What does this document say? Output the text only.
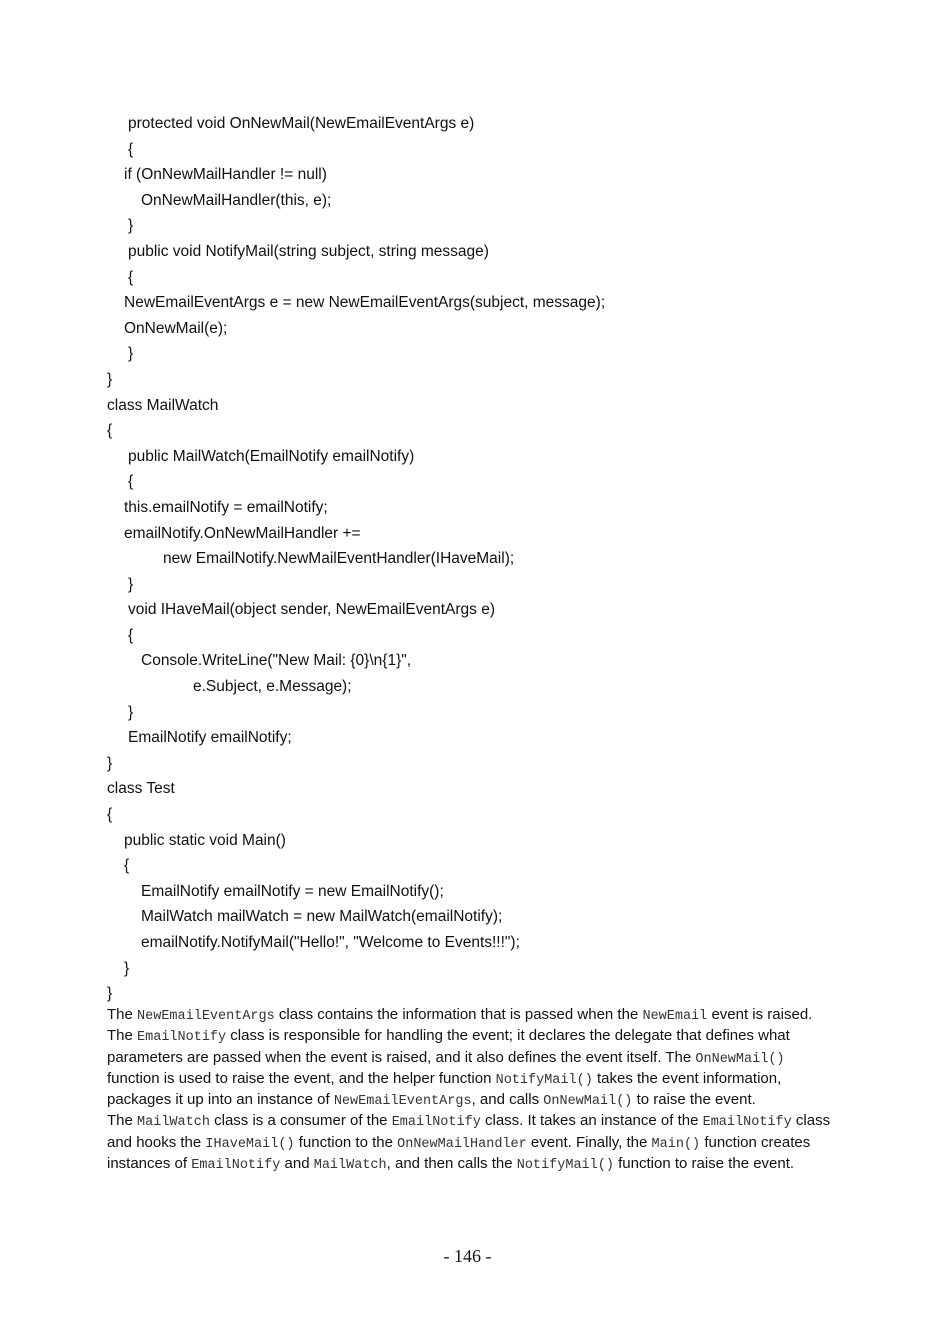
protected void OnNewMail(NewEmailEventArgs e)
{
if (OnNewMailHandler != null)
OnNewMailHandler(this, e);
}
public void NotifyMail(string subject, string message)
{
NewEmailEventArgs e = new NewEmailEventArgs(subject, message);
OnNewMail(e);
}
}
class MailWatch
{
public MailWatch(EmailNotify emailNotify)
{
this.emailNotify = emailNotify;
emailNotify.OnNewMailHandler +=
new EmailNotify.NewMailEventHandler(IHaveMail);
}
void IHaveMail(object sender, NewEmailEventArgs e)
{
Console.WriteLine("New Mail: {0}\n{1}",
e.Subject, e.Message);
}
EmailNotify emailNotify;
}
class Test
{
public static void Main()
{
EmailNotify emailNotify = new EmailNotify();
MailWatch mailWatch = new MailWatch(emailNotify);
emailNotify.NotifyMail("Hello!", "Welcome to Events!!!");
}
}

The NewEmailEventArgs class contains the information that is passed when the NewEmail event is raised.

The EmailNotify class is responsible for handling the event; it declares the delegate that defines what parameters are passed when the event is raised, and it also defines the event itself. The OnNewMail() function is used to raise the event, and the helper function NotifyMail() takes the event information, packages it up into an instance of NewEmailEventArgs, and calls OnNewMail() to raise the event.

The MailWatch class is a consumer of the EmailNotify class. It takes an instance of the EmailNotify class and hooks the IHaveMail() function to the OnNewMailHandler event. Finally, the Main() function creates instances of EmailNotify and MailWatch, and then calls the NotifyMail() function to raise the event.

- 146 -
